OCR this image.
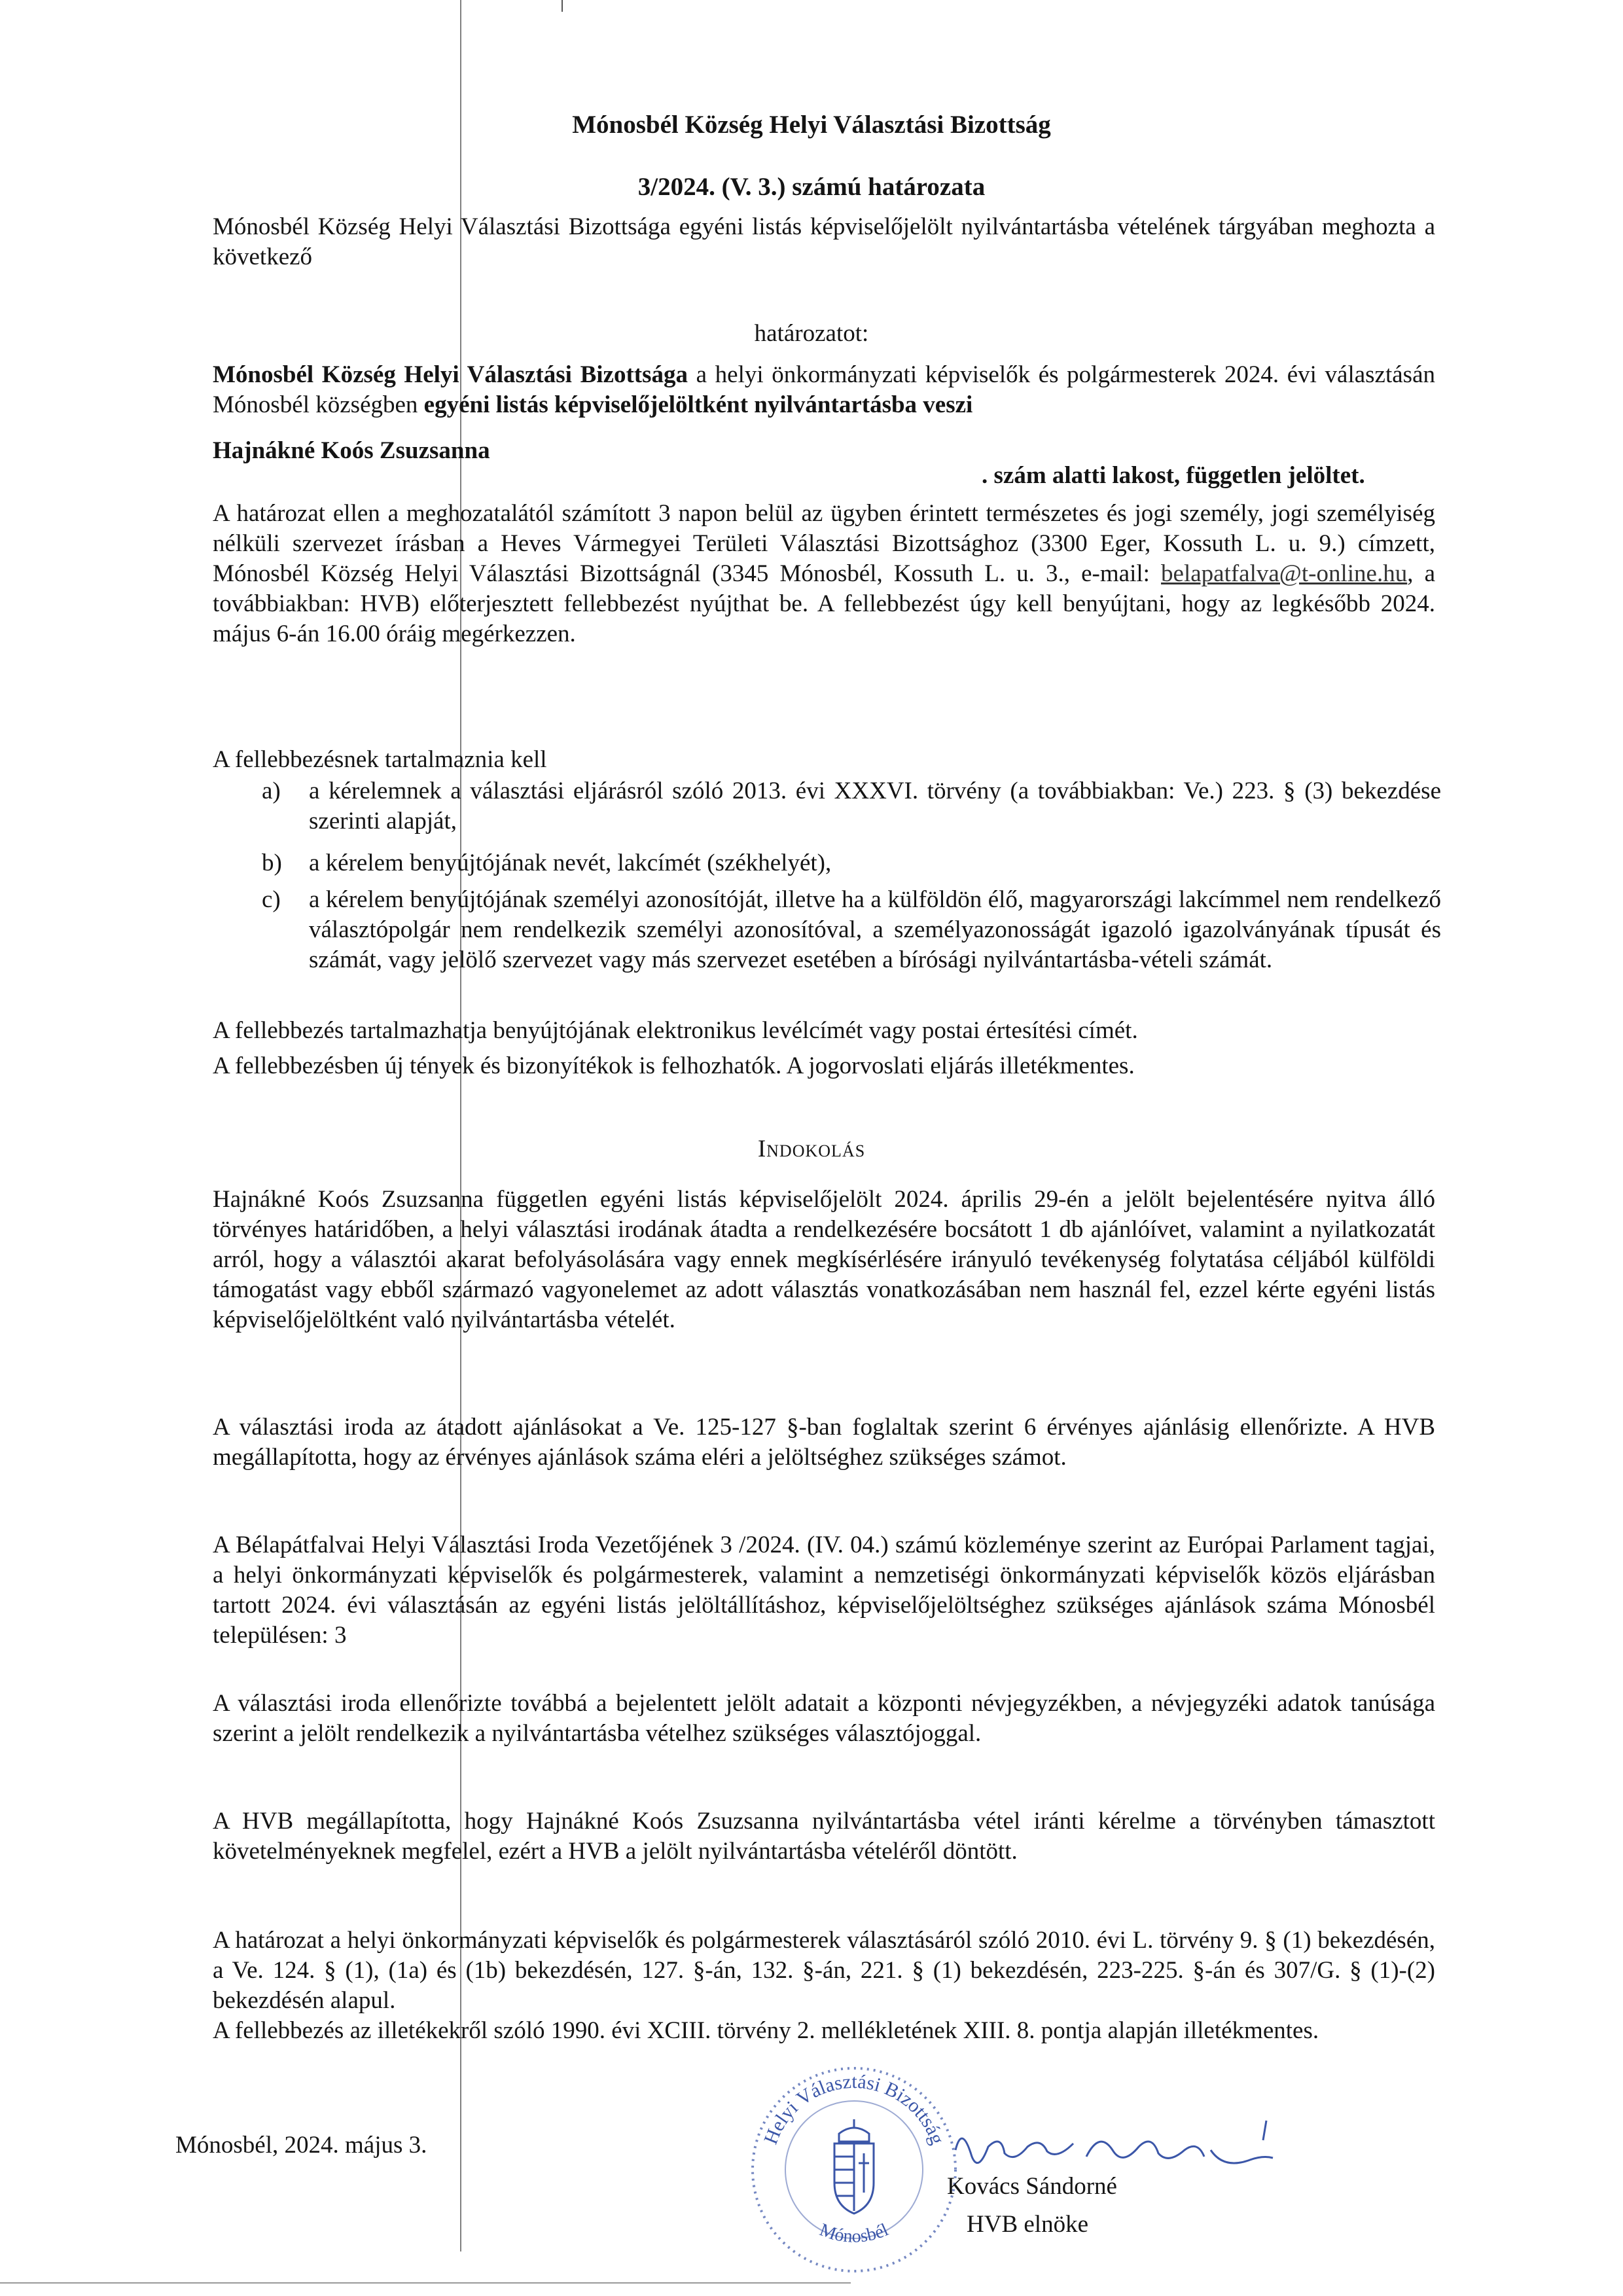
Mónosbél Község Helyi Választási Bizottság
3/2024. (V. 3.) számú határozata
Mónosbél Község Helyi Választási Bizottsága egyéni listás képviselőjelölt nyilvántartásba vételének tárgyában meghozta a következő
határozatot:
Mónosbél Község Helyi Választási Bizottsága a helyi önkormányzati képviselők és polgármesterek 2024. évi választásán Mónosbél községben egyéni listás képviselőjelöltként nyilvántartásba veszi
Hajnákné Koós Zsuzsanna
. szám alatti lakost, független jelöltet.
A határozat ellen a meghozatalától számított 3 napon belül az ügyben érintett természetes és jogi személy, jogi személyiség nélküli szervezet írásban a Heves Vármegyei Területi Választási Bizottsághoz (3300 Eger, Kossuth L. u. 9.) címzett, Mónosbél Község Helyi Választási Bizottságnál (3345 Mónosbél, Kossuth L. u. 3., e-mail: belapatfalva@t-online.hu, a továbbiakban: HVB) előterjesztett fellebbezést nyújthat be. A fellebbezést úgy kell benyújtani, hogy az legkésőbb 2024. május 6-án 16.00 óráig megérkezzen.
A fellebbezésnek tartalmaznia kell
a) a kérelemnek a választási eljárásról szóló 2013. évi XXXVI. törvény (a továbbiakban: Ve.) 223. § (3) bekezdése szerinti alapját,
b) a kérelem benyújtójának nevét, lakcímét (székhelyét),
c) a kérelem benyújtójának személyi azonosítóját, illetve ha a külföldön élő, magyarországi lakcímmel nem rendelkező választópolgár nem rendelkezik személyi azonosítóval, a személyazonosságát igazoló igazolványának típusát és számát, vagy jelölő szervezet vagy más szervezet esetében a bírósági nyilvántartásba-vételi számát.
A fellebbezés tartalmazhatja benyújtójának elektronikus levélcímét vagy postai értesítési címét.
A fellebbezésben új tények és bizonyítékok is felhozhatók. A jogorvoslati eljárás illetékmentes.
Indokolás
Hajnákné Koós Zsuzsanna független egyéni listás képviselőjelölt 2024. április 29-én a jelölt bejelentésére nyitva álló törvényes határidőben, a helyi választási irodának átadta a rendelkezésére bocsátott 1 db ajánlóívet, valamint a nyilatkozatát arról, hogy a választói akarat befolyásolására vagy ennek megkísérlésére irányuló tevékenység folytatása céljából külföldi támogatást vagy ebből származó vagyonelemet az adott választás vonatkozásában nem használ fel, ezzel kérte egyéni listás képviselőjelöltként való nyilvántartásba vételét.
A választási iroda az átadott ajánlásokat a Ve. 125-127 §-ban foglaltak szerint 6 érvényes ajánlásig ellenőrizte. A HVB megállapította, hogy az érvényes ajánlások száma eléri a jelöltséghez szükséges számot.
A Bélapátfalvai Helyi Választási Iroda Vezetőjének 3 /2024. (IV. 04.) számú közleménye szerint az Európai Parlament tagjai, a helyi önkormányzati képviselők és polgármesterek, valamint a nemzetiségi önkormányzati képviselők közös eljárásban tartott 2024. évi választásán az egyéni listás jelöltállításhoz, képviselőjelöltséghez szükséges ajánlások száma Mónosbél településen: 3
A választási iroda ellenőrizte továbbá a bejelentett jelölt adatait a központi névjegyzékben, a névjegyzéki adatok tanúsága szerint a jelölt rendelkezik a nyilvántartásba vételhez szükséges választójoggal.
A HVB megállapította, hogy Hajnákné Koós Zsuzsanna nyilvántartásba vétel iránti kérelme a törvényben támasztott követelményeknek megfelel, ezért a HVB a jelölt nyilvántartásba vételéről döntött.
A határozat a helyi önkormányzati képviselők és polgármesterek választásáról szóló 2010. évi L. törvény 9. § (1) bekezdésén, a Ve. 124. § (1), (1a) és (1b) bekezdésén, 127. §-án, 132. §-án, 221. § (1) bekezdésén, 223-225. §-án és 307/G. § (1)-(2) bekezdésén alapul.
A fellebbezés az illetékekről szóló 1990. évi XCIII. törvény 2. mellékletének XIII. 8. pontja alapján illetékmentes.
Mónosbél, 2024. május 3.	Helyi Választási Bizottság
Mónosbél
Kovács Sándorné
HVB elnöke
